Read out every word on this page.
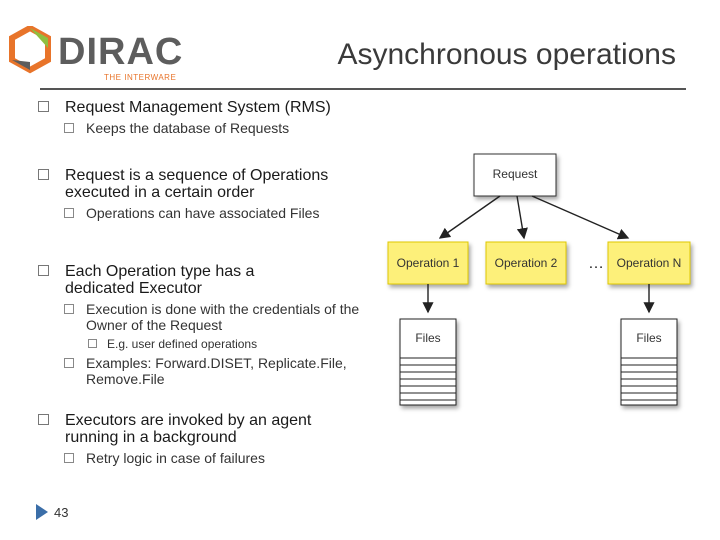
DIRAC
THE INTERWARE
Asynchronous operations
Request Management System (RMS)
Keeps the database of Requests
Request is a sequence of Operations executed in a certain order
Operations can have associated Files
Each Operation type has a dedicated Executor
Execution is done with the credentials of the Owner of the Request
E.g. user defined operations
Examples: Forward.DISET, Replicate.File, Remove.File
Executors are invoked by an agent running in a background
Retry logic in case of failures
43
Request
Operation 1	Operation 2 … Operation N
Files	Files
